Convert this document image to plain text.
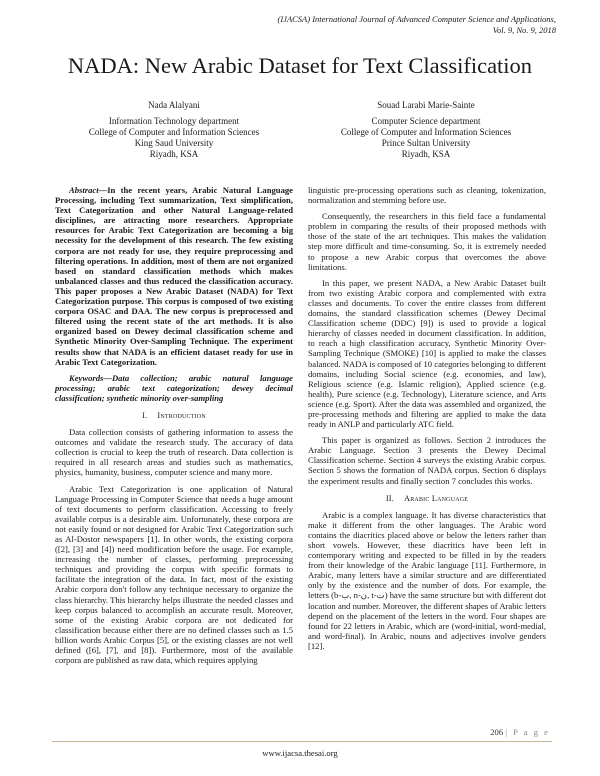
(IJACSA) International Journal of Advanced Computer Science and Applications,
Vol. 9, No. 9, 2018
NADA: New Arabic Dataset for Text Classification
Nada Alalyani
Information Technology department
College of Computer and Information Sciences
King Saud University
Riyadh, KSA
Souad Larabi Marie-Sainte
Computer Science department
College of Computer and Information Sciences
Prince Sultan University
Riyadh, KSA

Abstract—In the recent years, Arabic Natural Language Processing, including Text summarization, Text simplification, Text Categorization and other Natural Language-related disciplines, are attracting more researchers. Appropriate resources for Arabic Text Categorization are becoming a big necessity for the development of this research. The few existing corpora are not ready for use, they require preprocessing and filtering operations. In addition, most of them are not organized based on standard classification methods which makes unbalanced classes and thus reduced the classification accuracy. This paper proposes a New Arabic Dataset (NADA) for Text Categorization purpose. This corpus is composed of two existing corpora OSAC and DAA. The new corpus is preprocessed and filtered using the recent state of the art methods. It is also organized based on Dewey decimal classification scheme and Synthetic Minority Over-Sampling Technique. The experiment results show that NADA is an efficient dataset ready for use in Arabic Text Categorization.

Keywords—Data collection; arabic natural language processing; arabic text categorization; dewey decimal classification; synthetic minority over-sampling

I. Introduction

Data collection consists of gathering information to assess the outcomes and validate the research study. The accuracy of data collection is crucial to keep the truth of research. Data collection is required in all research areas and studies such as mathematics, physics, humanity, business, computer science and many more.

Arabic Text Categorization is one application of Natural Language Processing in Computer Science that needs a huge amount of text documents to perform classification. Accessing to freely available corpus is a desirable aim. Unfortunately, these corpora are not easily found or not designed for Arabic Text Categorization such as Al-Dostor newspapers [1]. In other words, the existing corpora ([2], [3] and [4]) need modification before the usage. For example, increasing the number of classes, performing preprocessing techniques and providing the corpus with specific formats to facilitate the integration of the data. In fact, most of the existing Arabic corpora don't follow any technique necessary to organize the class hierarchy. This hierarchy helps illustrate the needed classes and keep corpus balanced to accomplish an accurate result. Moreover, some of the existing Arabic corpora are not dedicated for classification because either there are no defined classes such as 1.5 billion words Arabic Corpus [5], or the existing classes are not well defined ([6], [7], and [8]). Furthermore, most of the available corpora are published as raw data, which requires applying

linguistic pre-processing operations such as cleaning, tokenization, normalization and stemming before use.

Consequently, the researchers in this field face a fundamental problem in comparing the results of their proposed methods with those of the state of the art techniques. This makes the validation step more difficult and time-consuming. So, it is extremely needed to propose a new Arabic corpus that overcomes the above limitations.

In this paper, we present NADA, a New Arabic Dataset built from two existing Arabic corpora and complemented with extra classes and documents. To cover the entire classes from different domains, the standard classification schemes (Dewey Decimal Classification scheme (DDC) [9]) is used to provide a logical hierarchy of classes needed in document classification. In addition, to reach a high classification accuracy, Synthetic Minority Over-Sampling Technique (SMOKE) [10] is applied to make the classes balanced. NADA is composed of 10 categories belonging to different domains, including Social science (e.g. economies, and law), Religious science (e.g. Islamic religion), Applied science (e.g. health), Pure science (e.g. Technology), Literature science, and Arts science (e.g. Sport). After the data was assembled and organized, the pre-processing methods and filtering are applied to make the data ready in ANLP and particularly ATC field.

This paper is organized as follows. Section 2 introduces the Arabic Language. Section 3 presents the Dewey Decimal Classification scheme. Section 4 surveys the existing Arabic corpus. Section 5 shows the formation of NADA corpus. Section 6 displays the experiment results and finally section 7 concludes this works.

II. Arabic Language

Arabic is a complex language. It has diverse characteristics that make it different from the other languages. The Arabic word contains the diacritics placed above or below the letters rather than short vowels. However, these diacritics have been left in contemporary writing and expected to be filled in by the readers from their knowledge of the Arabic language [11]. Furthermore, in Arabic, many letters have a similar structure and are differentiated only by the existence and the number of dots. For example, the letters (b-ب, n-ن, t-ت) have the same structure but with different dot location and number. Moreover, the different shapes of Arabic letters depend on the placement of the letters in the word. Four shapes are found for 22 letters in Arabic, which are (word-initial, word-medial, and word-final). In Arabic, nouns and adjectives involve genders [12].

206 | P a g e
www.ijacsa.thesai.org
